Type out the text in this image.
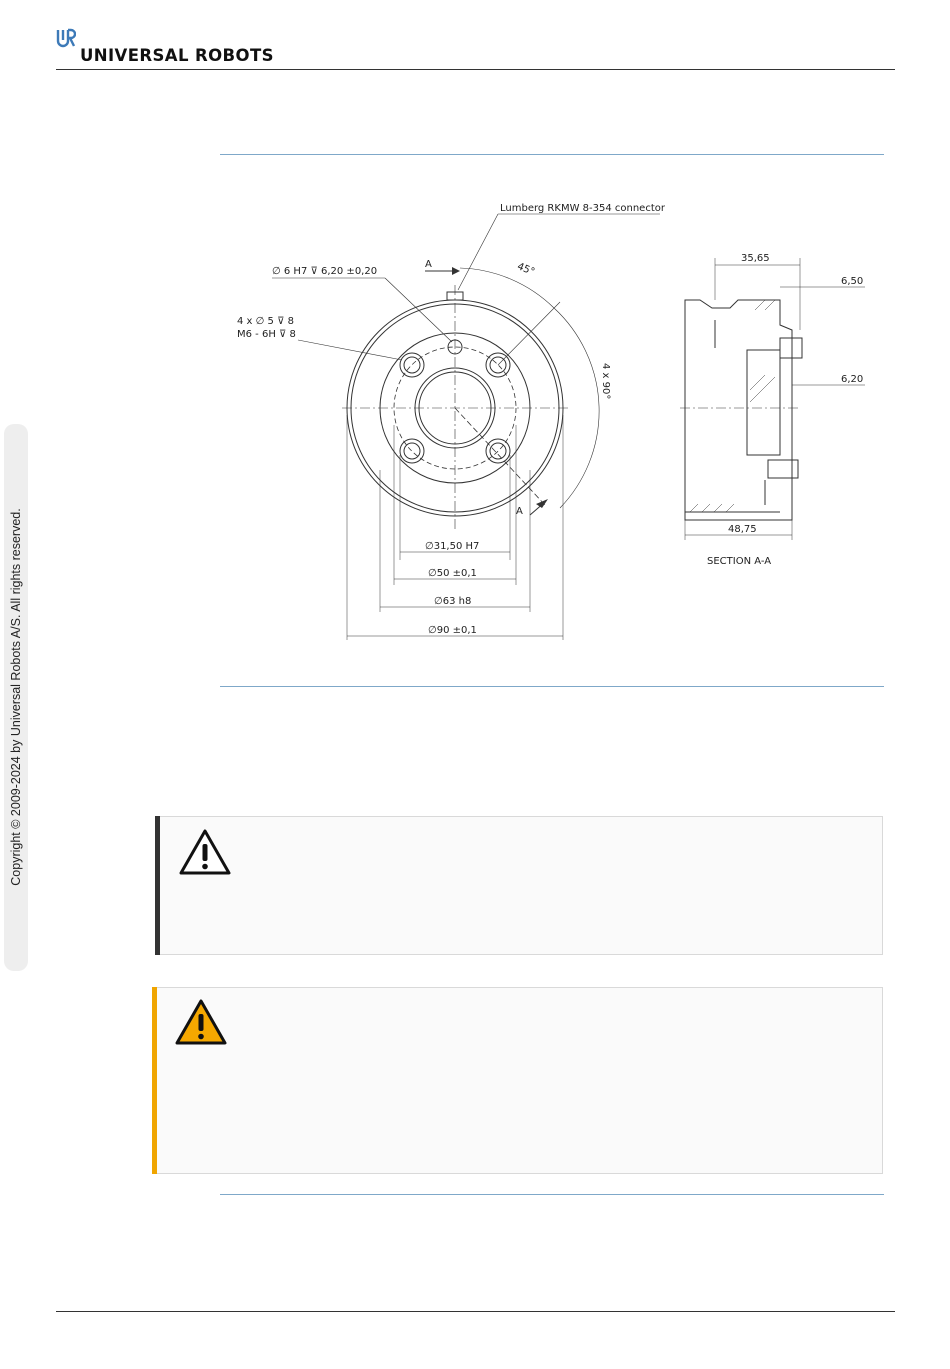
UNIVERSAL ROBOTS
Copyright © 2009-2024 by Universal Robots A/S. All rights reserved.
Lumberg RKMW 8-354 connector
∅ 6 H7 ⊽ 6,20 ±0,20
4 x ∅ 5 ⊽ 8
M6 - 6H ⊽ 8
A
A
45°
4 x 90°
∅31,50 H7
∅50 ±0,1
∅63 h8
∅90 ±0,1
35,65
6,50
6,20
48,75
SECTION A-A
